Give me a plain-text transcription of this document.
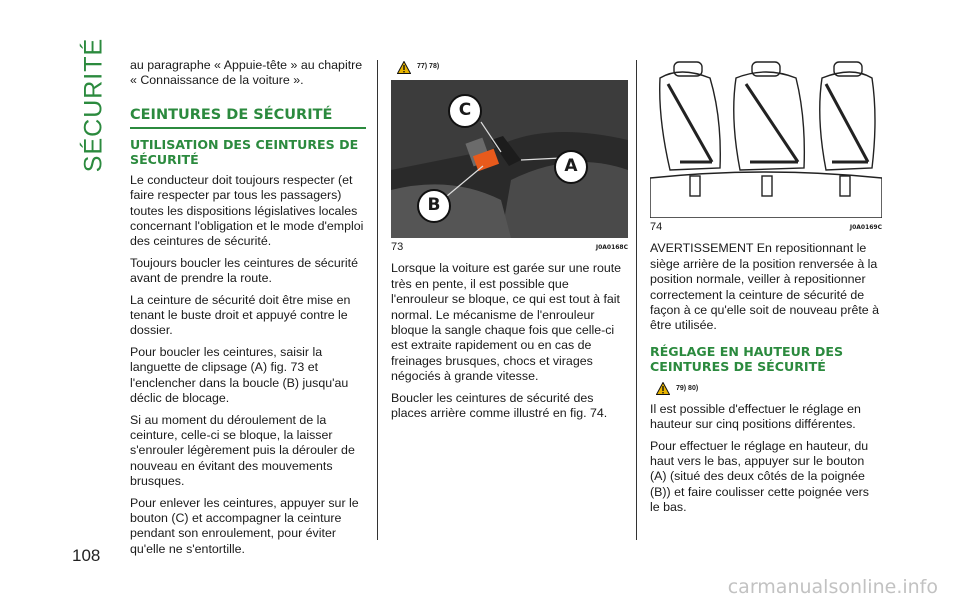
SÉCURITÉ
108

au paragraphe « Appuie-tête » au chapitre « Connaissance de la voiture ».

CEINTURES DE SÉCURITÉ
UTILISATION DES CEINTURES DE SÉCURITÉ

Le conducteur doit toujours respecter (et faire respecter par tous les passagers) toutes les dispositions législatives locales concernant l'obligation et le mode d'emploi des ceintures de sécurité.

Toujours boucler les ceintures de sécurité avant de prendre la route.

La ceinture de sécurité doit être mise en tenant le buste droit et appuyé contre le dossier.

Pour boucler les ceintures, saisir la languette de clipsage (A) fig. 73 et l'enclencher dans la boucle (B) jusqu'au déclic de blocage.

Si au moment du déroulement de la ceinture, celle-ci se bloque, la laisser s'enrouler légèrement puis la dérouler de nouveau en évitant des mouvements brusques.

Pour enlever les ceintures, appuyer sur le bouton (C) et accompagner la ceinture pendant son enroulement, pour éviter qu'elle ne s'entortille.

77) 78)
C
A
B
73	J0A0168C

Lorsque la voiture est garée sur une route très en pente, il est possible que l'enrouleur se bloque, ce qui est tout à fait normal. Le mécanisme de l'enrouleur bloque la sangle chaque fois que celle-ci est extraite rapidement ou en cas de freinages brusques, chocs et virages négociés à grande vitesse.

Boucler les ceintures de sécurité des places arrière comme illustré en fig. 74.

74	J0A0169C

AVERTISSEMENT En repositionnant le siège arrière de la position renversée à la position normale, veiller à repositionner correctement la ceinture de sécurité de façon à ce qu'elle soit de nouveau prête à être utilisée.

RÉGLAGE EN HAUTEUR DES CEINTURES DE SÉCURITÉ
79) 80)

Il est possible d'effectuer le réglage en hauteur sur cinq positions différentes.

Pour effectuer le réglage en hauteur, du haut vers le bas, appuyer sur le bouton (A) (situé des deux côtés de la poignée (B)) et faire coulisser cette poignée vers le bas.

carmanualsonline.info
